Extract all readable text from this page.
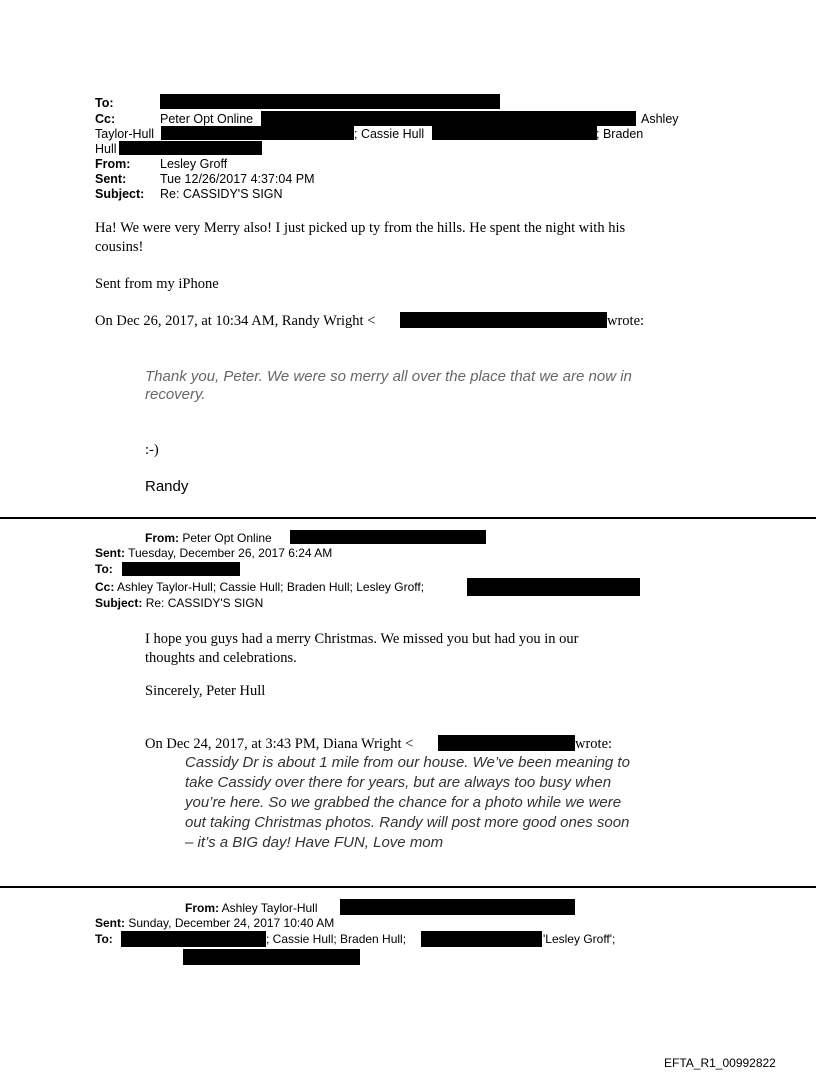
To:
Cc:	Peter Opt Online	Ashley
Taylor-Hull	; Cassie Hull	; Braden
Hull
From: Lesley Groff
Sent:	Tue 12/26/2017 4:37:04 PM
Subject: Re: CASSIDY'S SIGN
Ha! We were very Merry also! I just picked up ty from the hills. He spent the night with his
cousins!
Sent from my iPhone
On Dec 26, 2017, at 10:34 AM, Randy Wright <	wrote:
Thank you, Peter. We were so merry all over the place that we are now in
recovery.
:-)
Randy
From: Peter Opt Online
Sent: Tuesday, December 26, 2017 6:24 AM
To:
Cc: Ashley Taylor-Hull; Cassie Hull; Braden Hull; Lesley Groff;
Subject: Re: CASSIDY'S SIGN
I hope you guys had a merry Christmas. We missed you but had you in our
thoughts and celebrations.
Sincerely, Peter Hull
On Dec 24, 2017, at 3:43 PM, Diana Wright <	wrote:
Cassidy Dr is about 1 mile from our house. We’ve been meaning to take Cassidy over there for years, but are always too busy when you’re here. So we grabbed the chance for a photo while we were out taking Christmas photos. Randy will post more good ones soon – it’s a BIG day! Have FUN, Love mom
From: Ashley Taylor-Hull
Sent: Sunday, December 24, 2017 10:40 AM
To:	; Cassie Hull; Braden Hull;	'Lesley Groff';
EFTA_R1_00992822
